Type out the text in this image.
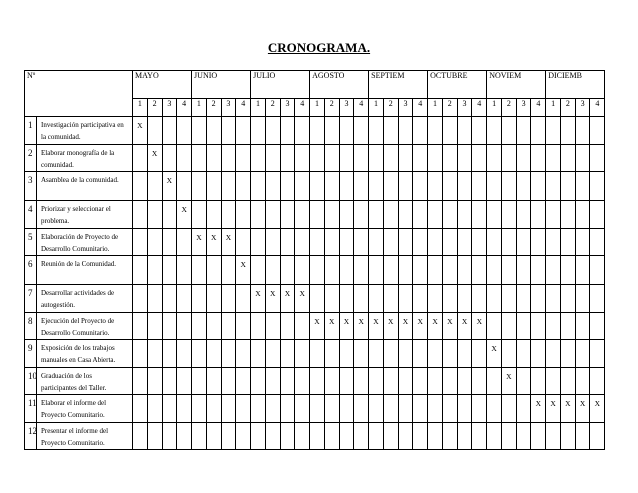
CRONOGRAMA.
Nº		MAYO				JUNIO				JULIO				AGOSTO				SEPTIEM				OCTUBRE				NOVIEM				DICIEMB			
		1	2	3	4	1	2	3	4	1	2	3	4	1	2	3	4	1	2	3	4	1	2	3	4	1	2	3	4	1	2	3	4
1	Investigación participativa en la comunidad.	X																															
2	Elaborar monografía de la comunidad.		X																														
3	Asamblea de la comunidad.			X																													
4	Priorizar y seleccionar el problema.				X																												
5	Elaboración de Proyecto de Desarrollo Comunitario.					X	X	X																									
6	Reunión de la Comunidad.								X																								
7	Desarrollar actividades de autogestión.									X	X	X	X																				
8	Ejecución del Proyecto de Desarrollo Comunitario.													X	X	X	X	X	X	X	X	X	X	X	X								
9	Exposición de los trabajos manuales en Casa Abierta.																									X							
10	Graduación de los participantes del Taller.																										X						
11	Elaborar el informe del Proyecto Comunitario.																												X	X	X	X	X
12	Presentar el informe del Proyecto Comunitario.																																
